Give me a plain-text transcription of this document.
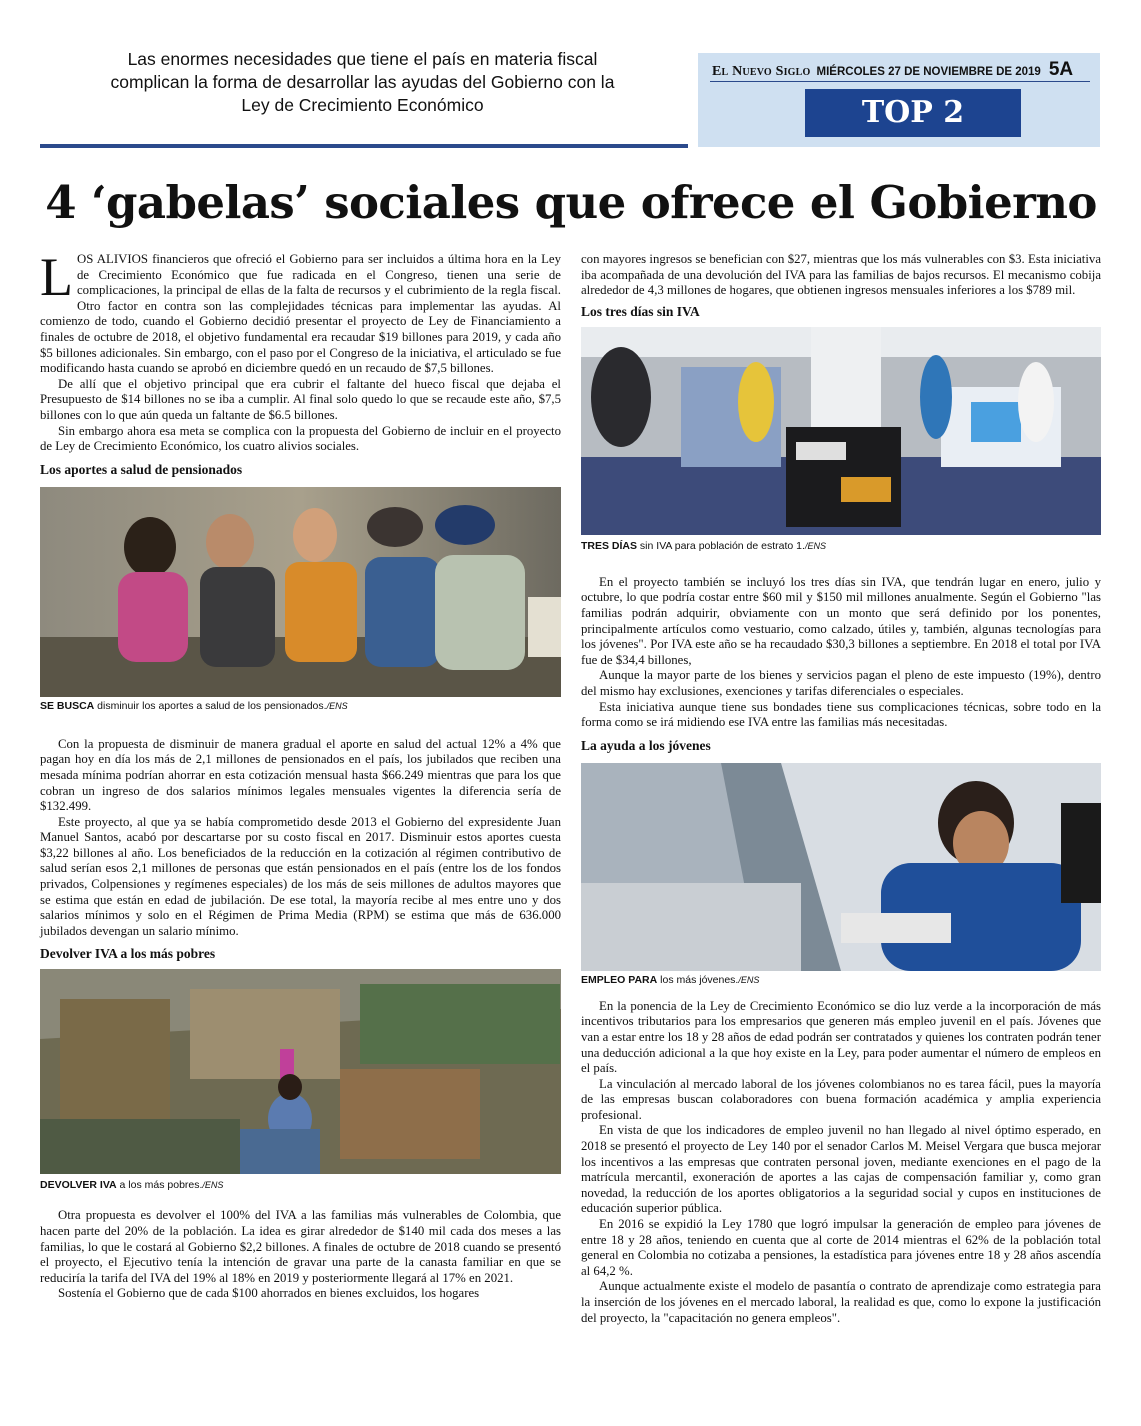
Las enormes necesidades que tiene el país en materia fiscal
complican la forma de desarrollar las ayudas del Gobierno con la
Ley de Crecimiento Económico
El Nuevo Siglo MIÉRCOLES 27 DE NOVIEMBRE DE 2019 5A
TOP 2
4 ‘gabelas’ sociales que ofrece el Gobierno

LOS ALIVIOS financieros que ofreció el Gobierno para ser incluidos a última hora en la Ley de Crecimiento Económico que fue radicada en el Congreso, tienen una serie de complicaciones, la principal de ellas de la falta de recursos y el cubrimiento de la regla fiscal. Otro factor en contra son las complejidades técnicas para implementar las ayudas. Al comienzo de todo, cuando el Gobierno decidió presentar el proyecto de Ley de Financiamiento a finales de octubre de 2018, el objetivo fundamental era recaudar $19 billones para 2019, y cada año $5 billones adicionales. Sin embargo, con el paso por el Congreso de la iniciativa, el articulado se fue modificando hasta cuando se aprobó en diciembre quedó en un recaudo de $7,5 billones.

De allí que el objetivo principal que era cubrir el faltante del hueco fiscal que dejaba el Presupuesto de $14 billones no se iba a cumplir. Al final solo quedo lo que se recaude este año, $7,5 billones con lo que aún queda un faltante de $6.5 billones.

Sin embargo ahora esa meta se complica con la propuesta del Gobierno de incluir en el proyecto de Ley de Crecimiento Económico, los cuatro alivios sociales.

Los aportes a salud de pensionados
SE BUSCA disminuir los aportes a salud de los pensionados./ENS

Con la propuesta de disminuir de manera gradual el aporte en salud del actual 12% a 4% que pagan hoy en día los más de 2,1 millones de pensionados en el país, los jubilados que reciben una mesada mínima podrían ahorrar en esta cotización mensual hasta $66.249 mientras que para los que cobran un ingreso de dos salarios mínimos legales mensuales vigentes la diferencia sería de $132.499.

Este proyecto, al que ya se había comprometido desde 2013 el Gobierno del expresidente Juan Manuel Santos, acabó por descartarse por su costo fiscal en 2017. Disminuir estos aportes cuesta $3,22 billones al año. Los beneficiados de la reducción en la cotización al régimen contributivo de salud serían esos 2,1 millones de personas que están pensionados en el país (entre los de los fondos privados, Colpensiones y regímenes especiales) de los más de seis millones de adultos mayores que se estima que están en edad de jubilación. De ese total, la mayoría recibe al mes entre uno y dos salarios mínimos y solo en el Régimen de Prima Media (RPM) se estima que más de 636.000 jubilados devengan un salario mínimo.

Devolver IVA a los más pobres
DEVOLVER IVA a los más pobres./ENS

Otra propuesta es devolver el 100% del IVA a las familias más vulnerables de Colombia, que hacen parte del 20% de la población. La idea es girar alrededor de $140 mil cada dos meses a las familias, lo que le costará al Gobierno $2,2 billones. A finales de octubre de 2018 cuando se presentó el proyecto, el Ejecutivo tenía la intención de gravar una parte de la canasta familiar en que se reduciría la tarifa del IVA del 19% al 18% en 2019 y posteriormente llegará al 17% en 2021.

Sostenía el Gobierno que de cada $100 ahorrados en bienes excluidos, los hogares

con mayores ingresos se benefician con $27, mientras que los más vulnerables con $3. Esta iniciativa iba acompañada de una devolución del IVA para las familias de bajos recursos. El mecanismo cobija alrededor de 4,3 millones de hogares, que obtienen ingresos mensuales inferiores a los $789 mil.

Los tres días sin IVA
TRES DÍAS sin IVA para población de estrato 1./ENS

En el proyecto también se incluyó los tres días sin IVA, que tendrán lugar en enero, julio y octubre, lo que podría costar entre $60 mil y $150 mil millones anualmente. Según el Gobierno "las familias podrán adquirir, obviamente con un monto que será definido por los ponentes, principalmente artículos como vestuario, como calzado, útiles y, también, algunas tecnologías para los jóvenes". Por IVA este año se ha recaudado $30,3 billones a septiembre. En 2018 el total por IVA fue de $34,4 billones,

Aunque la mayor parte de los bienes y servicios pagan el pleno de este impuesto (19%), dentro del mismo hay exclusiones, exenciones y tarifas diferenciales o especiales.

Esta iniciativa aunque tiene sus bondades tiene sus complicaciones técnicas, sobre todo en la forma como se irá midiendo ese IVA entre las familias más necesitadas.

La ayuda a los jóvenes
EMPLEO PARA los más jóvenes./ENS

En la ponencia de la Ley de Crecimiento Económico se dio luz verde a la incorporación de más incentivos tributarios para los empresarios que generen más empleo juvenil en el país. Jóvenes que van a estar entre los 18 y 28 años de edad podrán ser contratados y quienes los contraten podrán tener una deducción adicional a la que hoy existe en la Ley, para poder aumentar el número de empleos en el país.

La vinculación al mercado laboral de los jóvenes colombianos no es tarea fácil, pues la mayoría de las empresas buscan colaboradores con buena formación académica y amplia experiencia profesional.

En vista de que los indicadores de empleo juvenil no han llegado al nivel óptimo esperado, en 2018 se presentó el proyecto de Ley 140 por el senador Carlos M. Meisel Vergara que busca mejorar los incentivos a las empresas que contraten personal joven, mediante exenciones en el pago de la matrícula mercantil, exoneración de aportes a las cajas de compensación familiar y, como gran novedad, la reducción de los aportes obligatorios a la seguridad social y cupos en instituciones de educación superior pública.

En 2016 se expidió la Ley 1780 que logró impulsar la generación de empleo para jóvenes de entre 18 y 28 años, teniendo en cuenta que al corte de 2014 mientras el 62% de la población total general en Colombia no cotizaba a pensiones, la estadística para jóvenes entre 18 y 28 años ascendía al 64,2 %.

Aunque actualmente existe el modelo de pasantía o contrato de aprendizaje como estrategia para la inserción de los jóvenes en el mercado laboral, la realidad es que, como lo expone la justificación del proyecto, la "capacitación no genera empleos".
